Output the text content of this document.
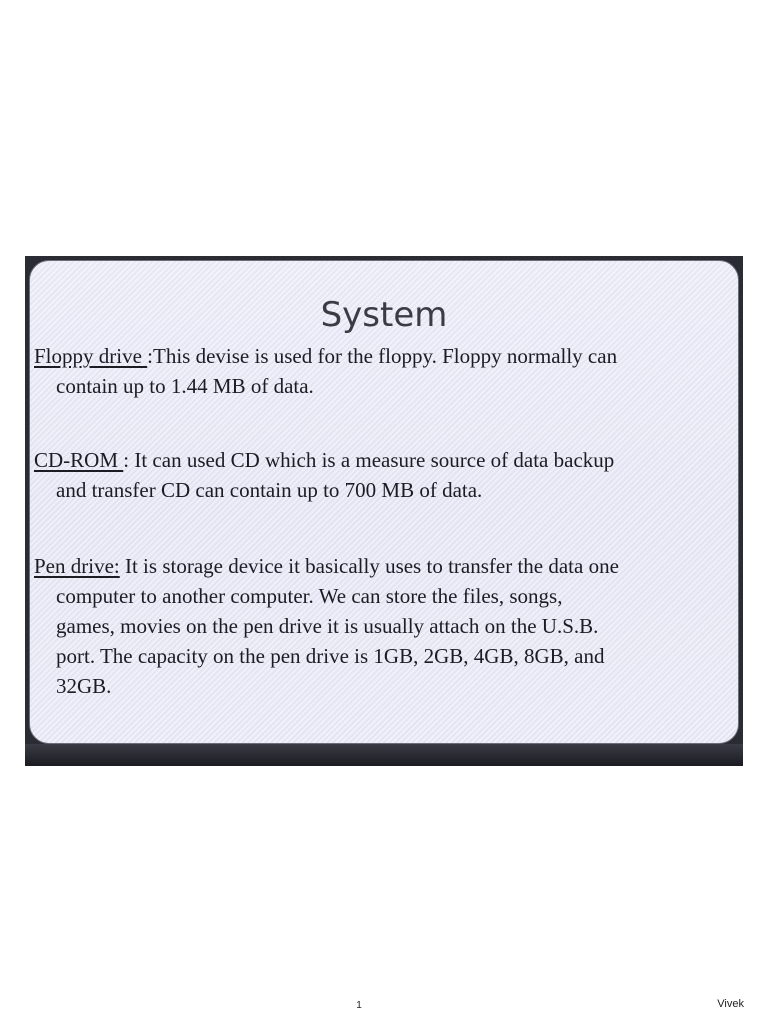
System
Floppy drive :This devise is used for the floppy. Floppy normally can
contain up to 1.44 MB of data.
CD-ROM : It can used CD which is a measure source of data backup
and transfer CD can contain up to 700 MB of data.
Pen drive: It is storage device it basically uses to transfer the data one
computer to another computer. We can store the files, songs,
games, movies on the pen drive it is usually attach on the U.S.B.
port. The capacity on the pen drive is 1GB, 2GB, 4GB, 8GB, and
32GB.
1	Vivek
